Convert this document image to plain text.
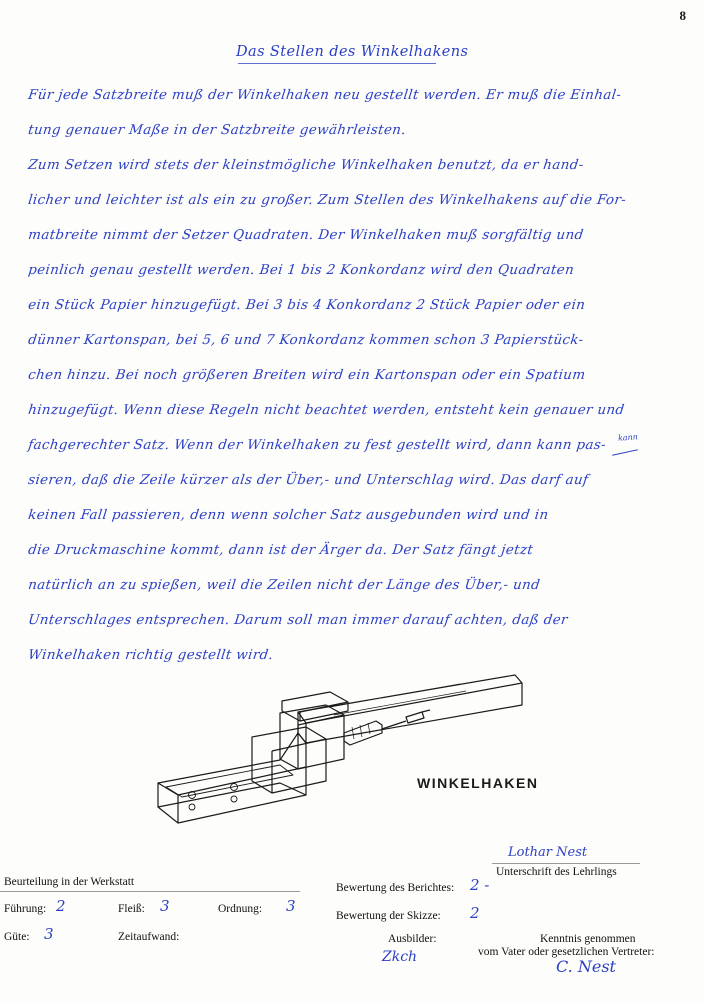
8
Das Stellen des Winkelhakens
Für jede Satzbreite muß der Winkelhaken neu gestellt werden. Er muß die Einhal-
tung genauer Maße in der Satzbreite gewährleisten.
Zum Setzen wird stets der kleinstmögliche Winkelhaken benutzt, da er hand-
licher und leichter ist als ein zu großer. Zum Stellen des Winkelhakens auf die For-
matbreite nimmt der Setzer Quadraten. Der Winkelhaken muß sorgfältig und
peinlich genau gestellt werden. Bei 1 bis 2 Konkordanz wird den Quadraten
ein Stück Papier hinzugefügt. Bei 3 bis 4 Konkordanz 2 Stück Papier oder ein
dünner Kartonspan, bei 5, 6 und 7 Konkordanz kommen schon 3 Papierstück-
chen hinzu. Bei noch größeren Breiten wird ein Kartonspan oder ein Spatium
hinzugefügt. Wenn diese Regeln nicht beachtet werden, entsteht kein genauer und
fachgerechter Satz. Wenn der Winkelhaken zu fest gestellt wird, dann kann pas-
sieren, daß die Zeile kürzer als der Über,- und Unterschlag wird. Das darf auf
keinen Fall passieren, denn wenn solcher Satz ausgebunden wird und in
die Druckmaschine kommt, dann ist der Ärger da. Der Satz fängt jetzt
natürlich an zu spießen, weil die Zeilen nicht der Länge des Über,- und
Unterschlages entsprechen. Darum soll man immer darauf achten, daß der
Winkelhaken richtig gestellt wird.
kann
WINKELHAKEN
Lothar Nest
Unterschrift des Lehrlings
Beurteilung in der Werkstatt
Führung: 2	Fleiß: 3	Ordnung: 3
Güte: 3	Zeitaufwand:
Bewertung des Berichtes: 2 -
Bewertung der Skizze: 2
Ausbilder:
Zkch
Kenntnis genommen
vom Vater oder gesetzlichen Vertreter:
C. Nest
